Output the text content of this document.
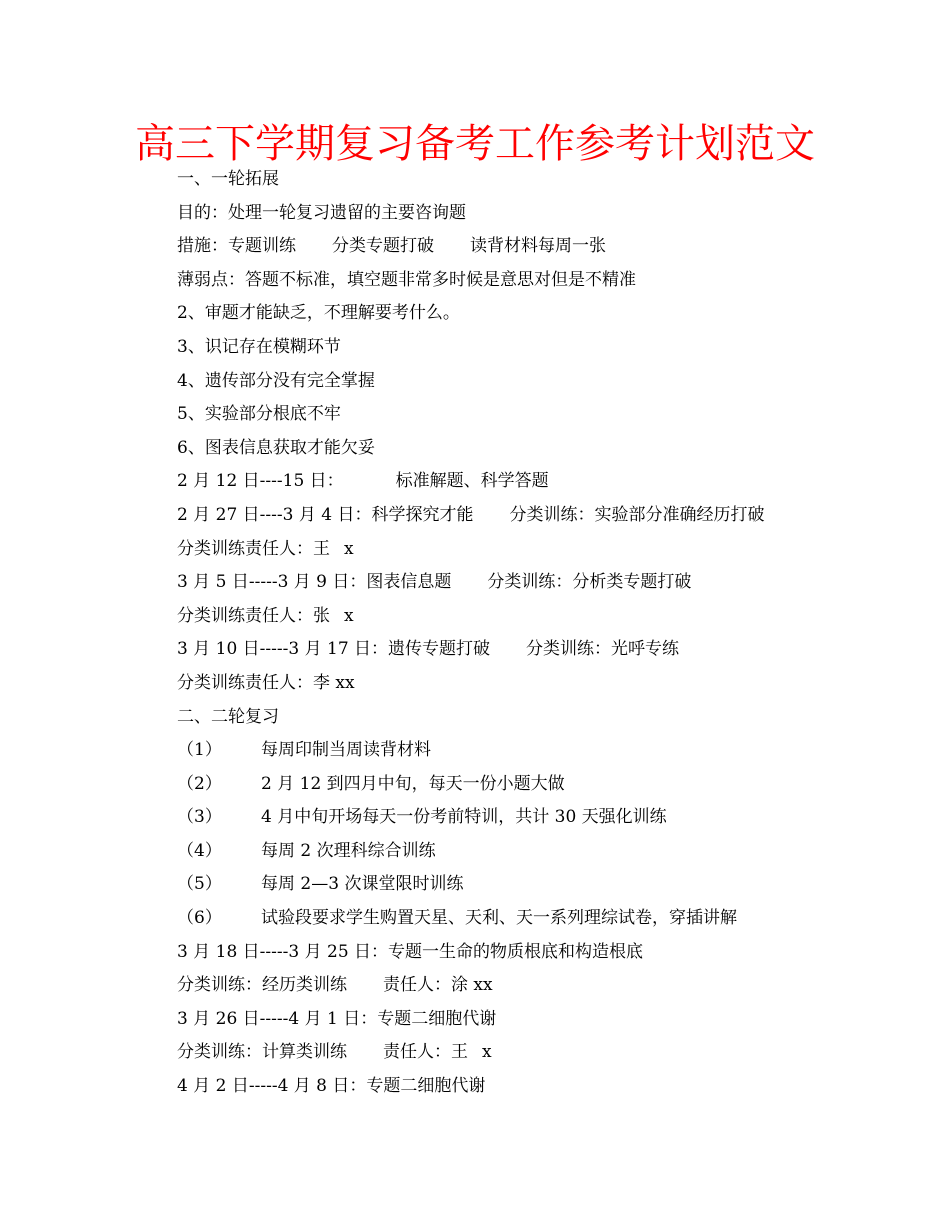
高三下学期复习备考工作参考计划范文
一、一轮拓展
目的：处理一轮复习遗留的主要咨询题
措施：专题训练 分类专题打破 读背材料每周一张
薄弱点：答题不标准，填空题非常多时候是意思对但是不精准
2、审题才能缺乏，不理解要考什么。
3、识记存在模糊环节
4、遗传部分没有完全掌握
5、实验部分根底不牢
6、图表信息获取才能欠妥
2 月 12 日----15 日：	标准解题、科学答题
2 月 27 日----3 月 4 日：科学探究才能 分类训练：实验部分准确经历打破
分类训练责任人：王 x
3 月 5 日-----3 月 9 日：图表信息题 分类训练：分析类专题打破
分类训练责任人：张 x
3 月 10 日-----3 月 17 日：遗传专题打破 分类训练：光呼专练
分类训练责任人：李 xx
二、二轮复习
（1） 每周印制当周读背材料
（2） 2 月 12 到四月中旬，每天一份小题大做
（3） 4 月中旬开场每天一份考前特训，共计 30 天强化训练
（4） 每周 2 次理科综合训练
（5） 每周 2—3 次课堂限时训练
（6） 试验段要求学生购置天星、天利、天一系列理综试卷，穿插讲解
3 月 18 日-----3 月 25 日：专题一生命的物质根底和构造根底
分类训练：经历类训练 责任人：涂 xx
3 月 26 日-----4 月 1 日：专题二细胞代谢
分类训练：计算类训练 责任人：王 x
4 月 2 日-----4 月 8 日：专题二细胞代谢
